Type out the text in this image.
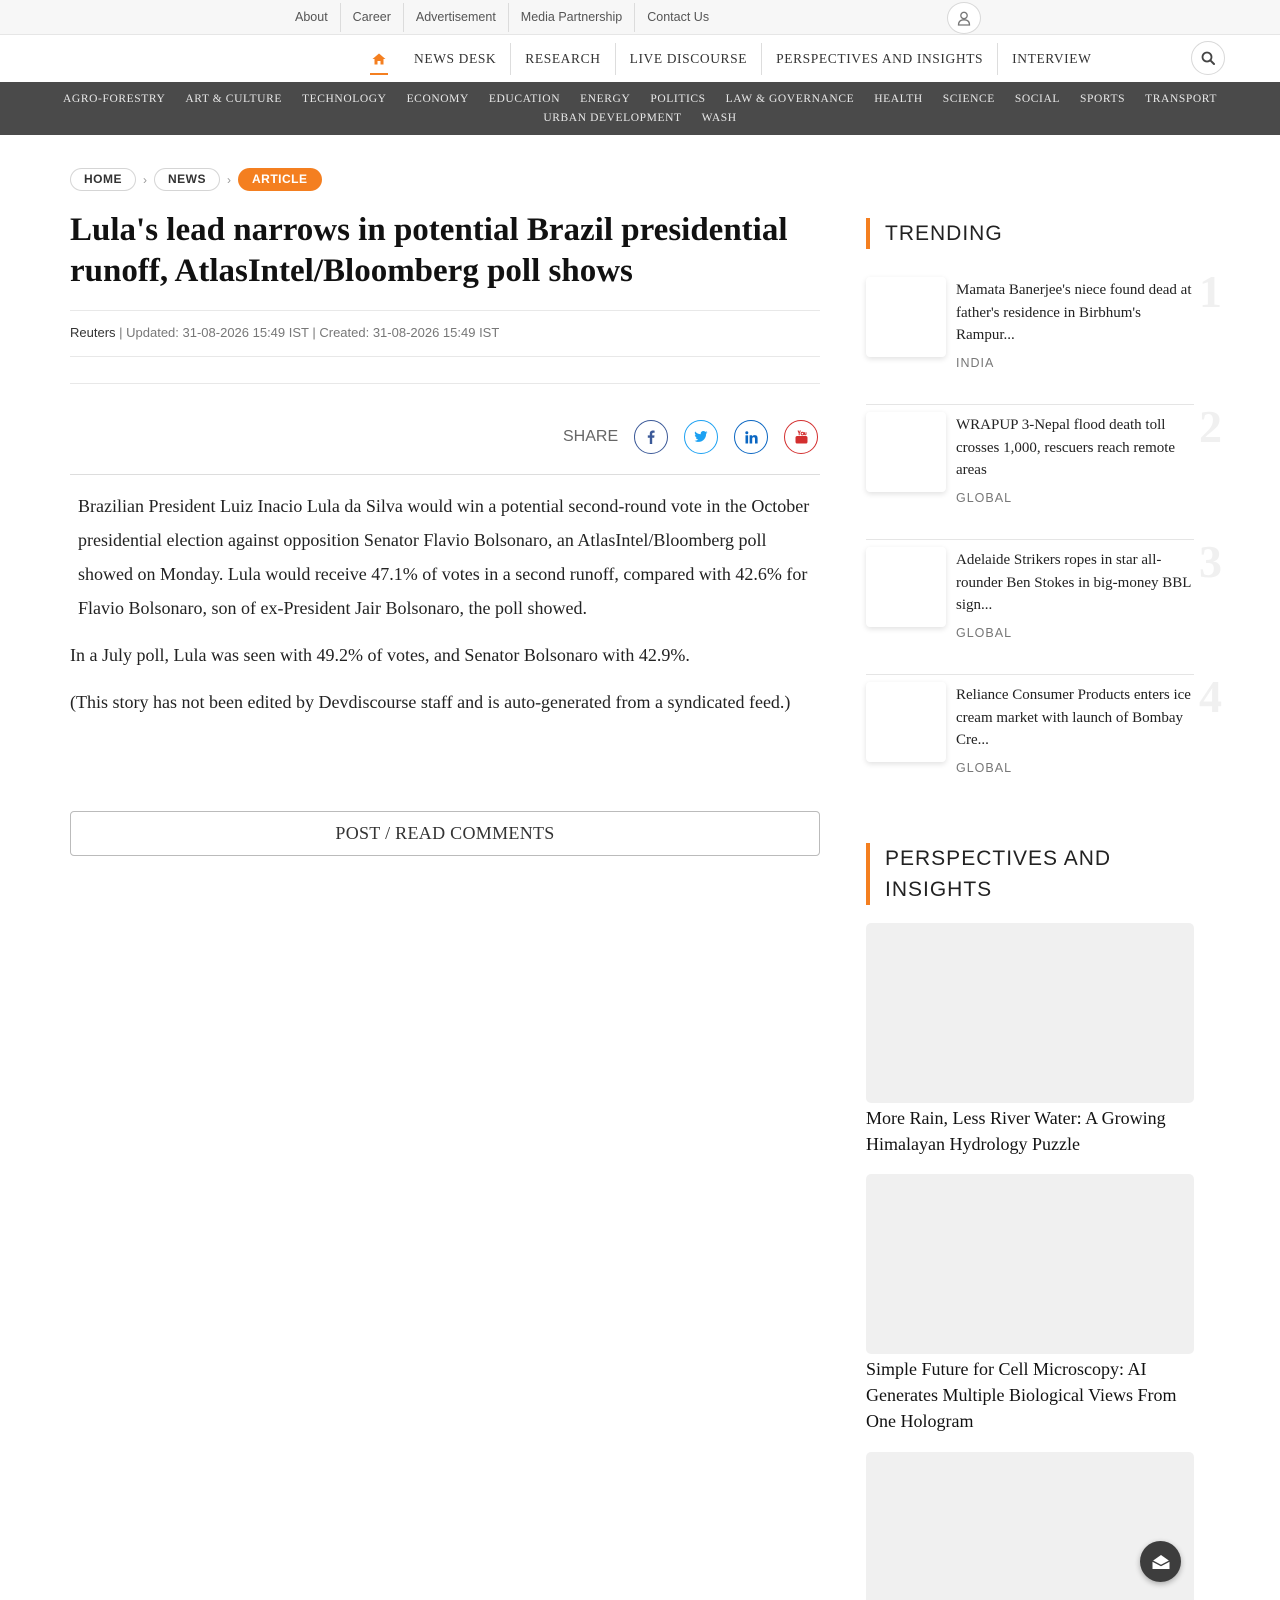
About	Career	Advertisement	Media Partnership	Contact Us
NEWS DESK	RESEARCH	LIVE DISCOURSE	PERSPECTIVES AND INSIGHTS	INTERVIEW
AGRO-FORESTRY	ART & CULTURE	TECHNOLOGY	ECONOMY	EDUCATION	ENERGY	POLITICS	LAW & GOVERNANCE	HEALTH	SCIENCE	SOCIAL	SPORTS	TRANSPORT
URBAN DEVELOPMENT	WASH
HOME	›	NEWS	›	ARTICLE
Lula's lead narrows in potential Brazil presidential runoff, AtlasIntel/Bloomberg poll shows
Reuters | Updated: 31-08-2026 15:49 IST | Created: 31-08-2026 15:49 IST
SHARE

Brazilian President Luiz Inacio Lula da Silva would win a potential second-round vote in the October presidential election against opposition Senator Flavio Bolsonaro, an AtlasIntel/Bloomberg poll showed on Monday. Lula would receive 47.1% of votes in a second runoff, compared with 42.6% for Flavio Bolsonaro, son of ex-President Jair Bolsonaro, the poll showed.

In a July poll, Lula was seen with 49.2% of votes, and Senator Bolsonaro with 42.9%.

(This story has not been edited by Devdiscourse staff and is auto-generated from a syndicated feed.)

POST / READ COMMENTS
TRENDING
Mamata Banerjee's niece found dead at father's residence in Birbhum's Rampur...
INDIA
1
WRAPUP 3-Nepal flood death toll crosses 1,000, rescuers reach remote areas
GLOBAL
2
Adelaide Strikers ropes in star all-rounder Ben Stokes in big-money BBL sign...
GLOBAL
3
Reliance Consumer Products enters ice cream market with launch of Bombay Cre...
GLOBAL
4
PERSPECTIVES AND INSIGHTS
More Rain, Less River Water: A Growing Himalayan Hydrology Puzzle
Simple Future for Cell Microscopy: AI Generates Multiple Biological Views From One Hologram
